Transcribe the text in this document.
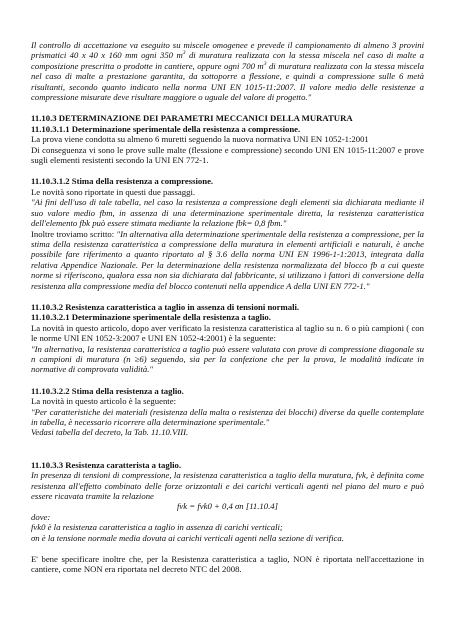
Il controllo di accettazione va eseguito su miscele omogenee e prevede il campionamento di almeno 3 provini prismatici 40 x 40 x 160 mm ogni 350 $m^3$ di muratura realizzata con la stessa miscela nel caso di malte a composizione prescritta o prodotte in cantiere, oppure ogni 700 $m^3$ di muratura realizzata con la stessa miscela nel caso di malte a prestazione garantita, da sottoporre a flessione, e quindi a compressione sulle 6 metà risultanti, secondo quanto indicato nella norma UNI EN 1015-11:2007. Il valore medio delle resistenze a compressione misurate deve risultare maggiore o uguale del valore di progetto."

11.10.3 DETERMINAZIONE DEI PARAMETRI MECCANICI DELLA MURATURA

11.10.3.1.1 Determinazione sperimentale della resistenza a compressione.

La prova viene condotta su almeno 6 muretti seguendo la nuova normativa UNI EN 1052-1:2001

Di conseguenza vi sono le prove sulle malte (flessione e compressione) secondo UNI EN 1015-11:2007 e prove sugli elementi resistenti secondo la UNI EN 772-1.

11.10.3.1.2 Stima della resistenza a compressione.

Le novità sono riportate in questi due passaggi.

"Ai fini dell'uso di tale tabella, nel caso la resistenza a compressione degli elementi sia dichiarata mediante il suo valore medio fbm, in assenza di una determinazione sperimentale diretta, la resistenza caratteristica dell'elemento fbk può essere stimata mediante la relazione fbk= 0,8 fbm."

Inoltre troviamo scritto: "In alternativa alla determinazione sperimentale della resistenza a compressione, per la stima della resistenza caratteristica a compressione della muratura in elementi artificiali e naturali, è anche possibile fare riferimento a quanto riportato al § 3.6 della norma UNI EN 1996-1-1:2013, integrata dalla relativa Appendice Nazionale. Per la determinazione della resistenza normalizzata del blocco fb a cui queste norme si riferiscono, qualora essa non sia dichiarata dal fabbricante, si utilizzano i fattori di conversione della resistenza alla compressione media del blocco contenuti nella appendice A della UNI EN 772-1."

11.10.3.2 Resistenza caratteristica a taglio in assenza di tensioni normali.

11.10.3.2.1 Determinazione sperimentale della resistenza a taglio.

La novità in questo articolo, dopo aver verificato la resistenza caratteristica al taglio su n. 6 o più campioni ( con le norme UNI EN 1052-3:2007 e UNI EN 1052-4:2001) è la seguente:

"In alternativa, la resistenza caratteristica a taglio può essere valutata con prove di compressione diagonale su n campioni di muratura (n ≥6) seguendo, sia per la confezione che per la prova, le modalità indicate in normative di comprovata validità."

11.10.3.2.2 Stima della resistenza a taglio.

La novità in questo articolo è la seguente:

"Per caratteristiche dei materiali (resistenza della malta o resistenza dei blocchi) diverse da quelle contemplate in tabella, è necessario ricorrere alla determinazione sperimentale."

Vedasi tabella del decreto, la Tab. 11.10.VIII.

11.10.3.3 Resistenza caratterista a taglio.

In presenza di tensioni di compressione, la resistenza caratteristica a taglio della muratura, fvk, è definita come resistenza all'effetto combinato delle forze orizzontali e dei carichi verticali agenti nel piano del muro e può essere ricavata tramite la relazione

fvk = fvk0 + 0,4 σn [11.10.4]

dove:

fvk0 è la resistenza caratteristica a taglio in assenza di carichi verticali;

σn è la tensione normale media dovuta ai carichi verticali agenti nella sezione di verifica.

E' bene specificare inoltre che, per la Resistenza caratteristica a taglio, NON è riportata nell'accettazione in cantiere, come NON era riportata nel decreto NTC del 2008.
